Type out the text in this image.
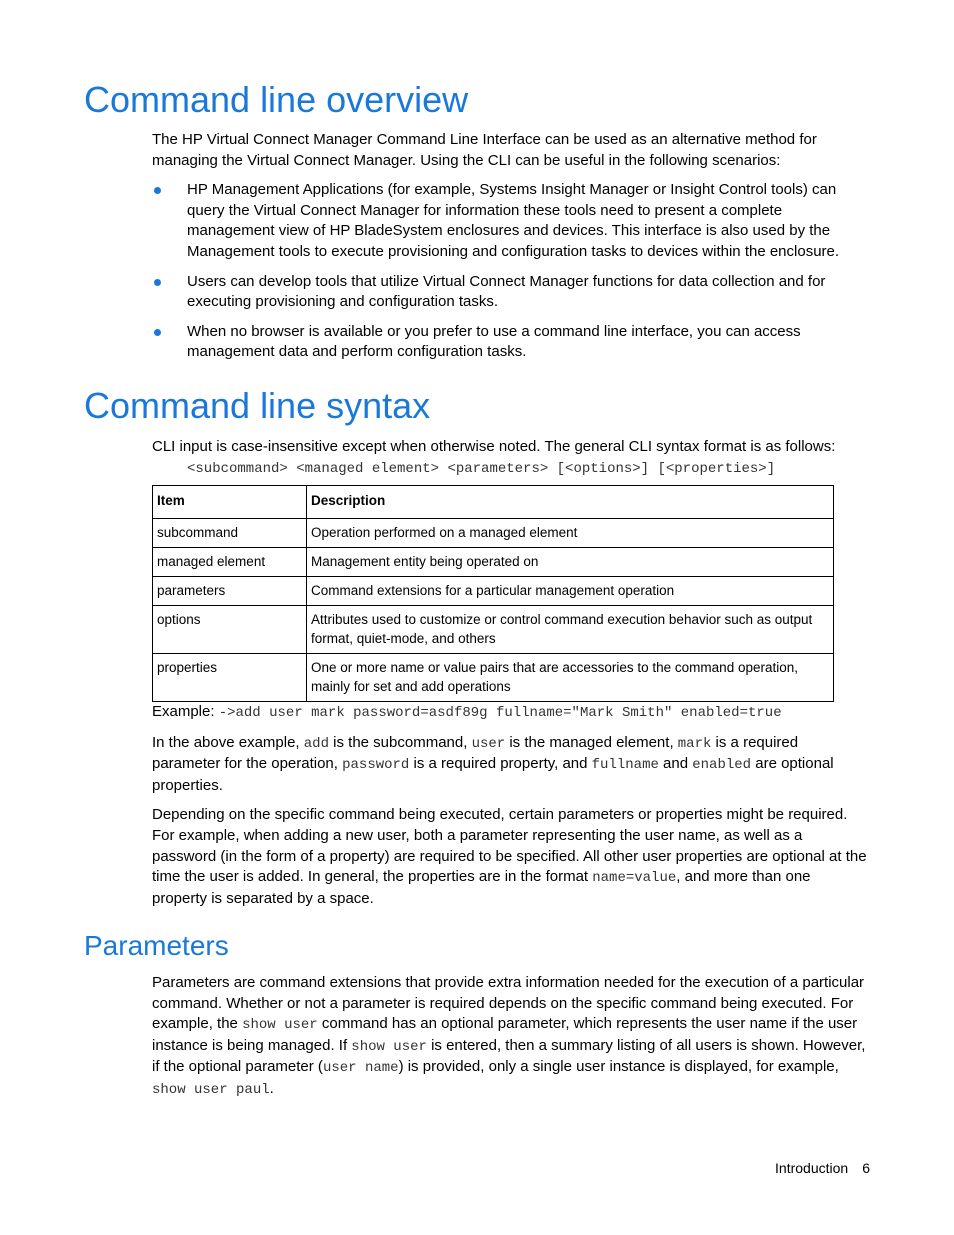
Command line overview

The HP Virtual Connect Manager Command Line Interface can be used as an alternative method for managing the Virtual Connect Manager. Using the CLI can be useful in the following scenarios:

HP Management Applications (for example, Systems Insight Manager or Insight Control tools) can query the Virtual Connect Manager for information these tools need to present a complete management view of HP BladeSystem enclosures and devices. This interface is also used by the Management tools to execute provisioning and configuration tasks to devices within the enclosure.
Users can develop tools that utilize Virtual Connect Manager functions for data collection and for executing provisioning and configuration tasks.
When no browser is available or you prefer to use a command line interface, you can access management data and perform configuration tasks.
Command line syntax

CLI input is case-insensitive except when otherwise noted. The general CLI syntax format is as follows:

<subcommand> <managed element> <parameters> [<options>] [<properties>]

Item	Description
subcommand	Operation performed on a managed element
managed element	Management entity being operated on
parameters	Command extensions for a particular management operation
options	Attributes used to customize or control command execution behavior such as output format, quiet-mode, and others
properties	One or more name or value pairs that are accessories to the command operation, mainly for set and add operations

Example: ->add user mark password=asdf89g fullname="Mark Smith" enabled=true

In the above example, add is the subcommand, user is the managed element, mark is a required parameter for the operation, password is a required property, and fullname and enabled are optional properties.

Depending on the specific command being executed, certain parameters or properties might be required. For example, when adding a new user, both a parameter representing the user name, as well as a password (in the form of a property) are required to be specified. All other user properties are optional at the time the user is added. In general, the properties are in the format name=value, and more than one property is separated by a space.

Parameters

Parameters are command extensions that provide extra information needed for the execution of a particular command. Whether or not a parameter is required depends on the specific command being executed. For example, the show user command has an optional parameter, which represents the user name if the user instance is being managed. If show user is entered, then a summary listing of all users is shown. However, if the optional parameter (user name) is provided, only a single user instance is displayed, for example, show user paul.

Introduction 6
